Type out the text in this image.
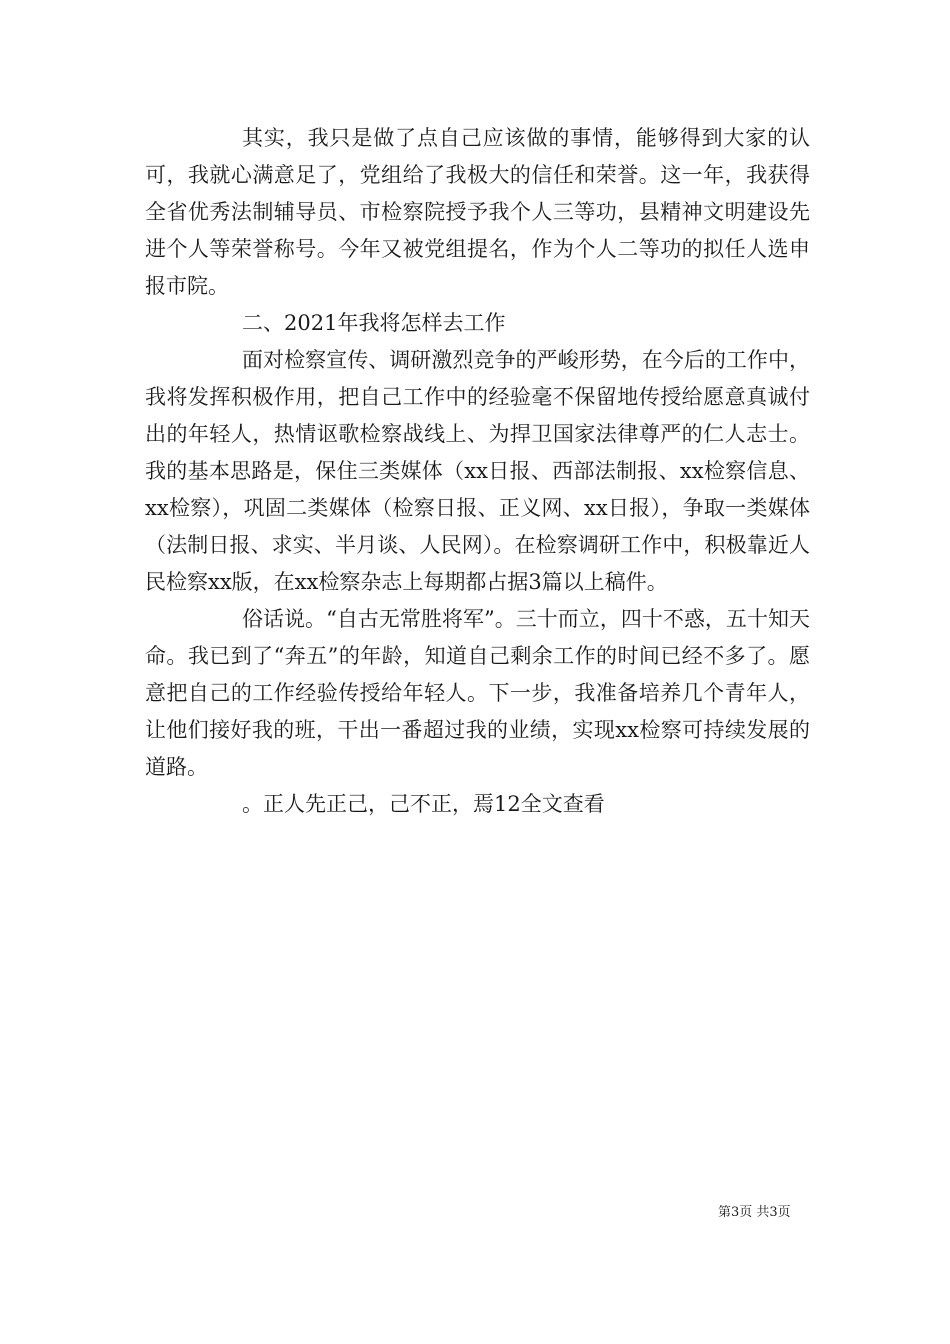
其实，我只是做了点自己应该做的事情，能够得到大家的认可，我就心满意足了，党组给了我极大的信任和荣誉。这一年，我获得全省优秀法制辅导员、市检察院授予我个人三等功，县精神文明建设先进个人等荣誉称号。今年又被党组提名，作为个人二等功的拟任人选申报市院。

二、2021年我将怎样去工作

面对检察宣传、调研激烈竞争的严峻形势，在今后的工作中，我将发挥积极作用，把自己工作中的经验毫不保留地传授给愿意真诚付出的年轻人，热情讴歌检察战线上、为捍卫国家法律尊严的仁人志士。我的基本思路是，保住三类媒体（xx日报、西部法制报、xx检察信息、xx检察），巩固二类媒体（检察日报、正义网、xx日报），争取一类媒体（法制日报、求实、半月谈、人民网）。在检察调研工作中，积极靠近人民检察xx版，在xx检察杂志上每期都占据3篇以上稿件。

俗话说。“自古无常胜将军”。三十而立，四十不惑，五十知天命。我已到了“奔五”的年龄，知道自己剩余工作的时间已经不多了。愿意把自己的工作经验传授给年轻人。下一步，我准备培养几个青年人，让他们接好我的班，干出一番超过我的业绩，实现xx检察可持续发展的道路。

。正人先正己，己不正，焉12全文查看

第3页 共3页
